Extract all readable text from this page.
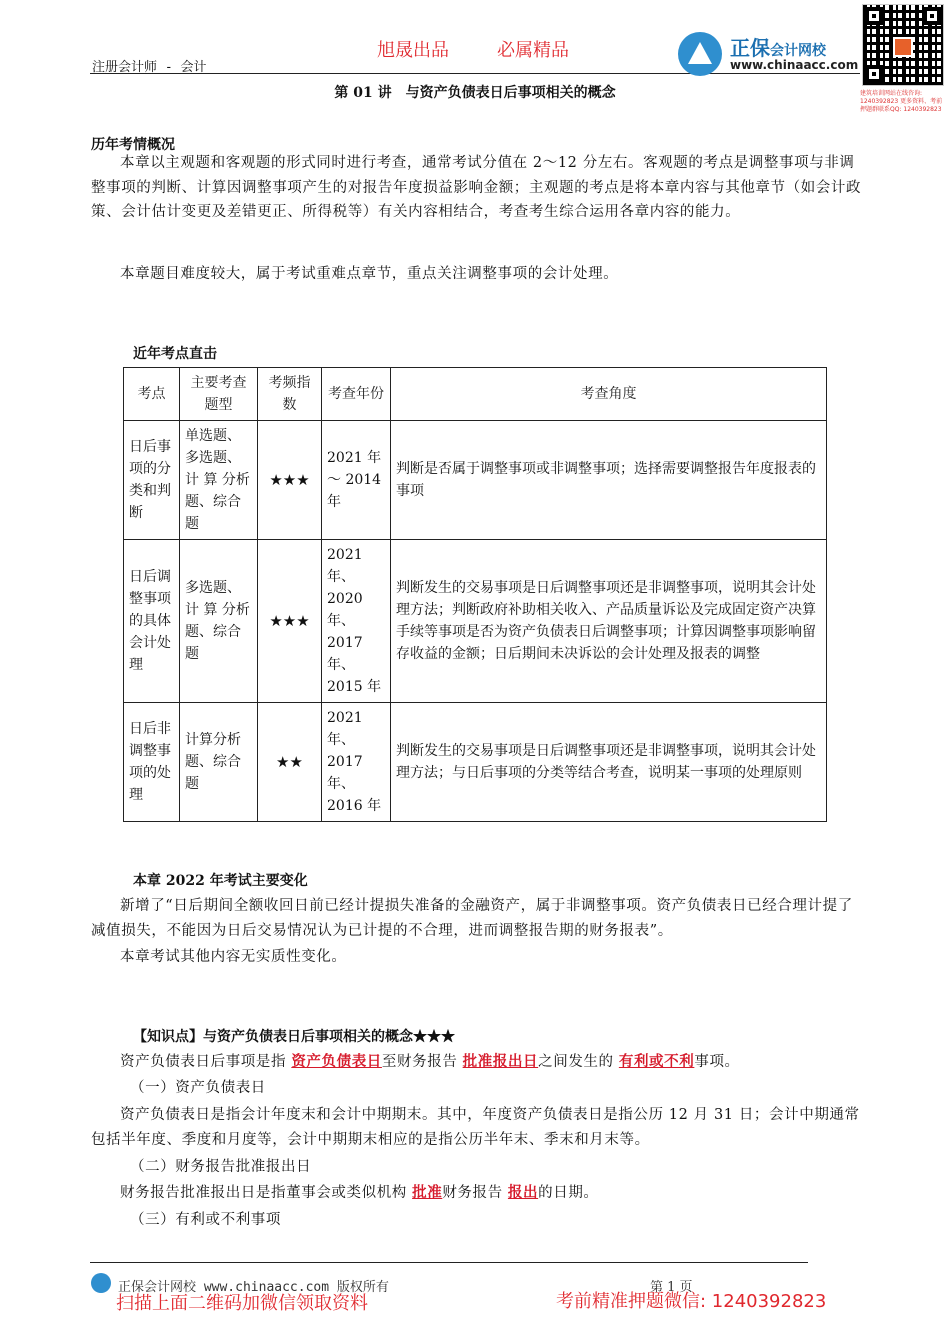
注册会计师 - 会计
旭晟出品	必属精品	正保会计网校
www.chinaacc.com
建筑培训网站在线咨询: 1240392823 更多资料、考前押题群联系QQ: 1240392823
第 01 讲　与资产负债表日后事项相关的概念
历年考情概况
本章以主观题和客观题的形式同时进行考查，通常考试分值在 2～12 分左右。客观题的考点是调整事项与非调整事项的判断、计算因调整事项产生的对报告年度损益影响金额；主观题的考点是将本章内容与其他章节（如会计政策、会计估计变更及差错更正、所得税等）有关内容相结合，考查考生综合运用各章内容的能力。
本章题目难度较大，属于考试重难点章节，重点关注调整事项的会计处理。
近年考点直击
考点	主要考查题型	考频指数	考查年份	考查角度
日后事项的分类和判断	单选题、多选题、计 算 分析题、综合题	★★★	2021 年 ～ 2014 年	判断是否属于调整事项或非调整事项；选择需要调整报告年度报表的事项
日后调整事项的具体会计处理	多选题、计 算 分析题、综合题	★★★	2021 年、2020 年、2017 年、2015 年	判断发生的交易事项是日后调整事项还是非调整事项，说明其会计处理方法；判断政府补助相关收入、产品质量诉讼及完成固定资产决算手续等事项是否为资产负债表日后调整事项；计算因调整事项影响留存收益的金额；日后期间未决诉讼的会计处理及报表的调整
日后非调整事项的处理	计算分析题、综合题	★★	2021 年、2017 年、2016 年	判断发生的交易事项是日后调整事项还是非调整事项，说明其会计处理方法；与日后事项的分类等结合考查，说明某一事项的处理原则
本章 2022 年考试主要变化
新增了“日后期间全额收回日前已经计提损失准备的金融资产，属于非调整事项。资产负债表日已经合理计提了减值损失，不能因为日后交易情况认为已计提的不合理，进而调整报告期的财务报表”。
本章考试其他内容无实质性变化。
【知识点】与资产负债表日后事项相关的概念★★★
资产负债表日后事项是指 资产负债表日至财务报告 批准报出日之间发生的 有利或不利事项。
（一）资产负债表日
资产负债表日是指会计年度末和会计中期期末。其中，年度资产负债表日是指公历 12 月 31 日；会计中期通常包括半年度、季度和月度等，会计中期期末相应的是指公历半年末、季末和月末等。
（二）财务报告批准报出日
财务报告批准报出日是指董事会或类似机构 批准财务报告 报出的日期。
（三）有利或不利事项
正保会计网校 www.chinaacc.com 版权所有	第 1 页
扫描上面二维码加微信领取资料	考前精准押题微信: 1240392823
